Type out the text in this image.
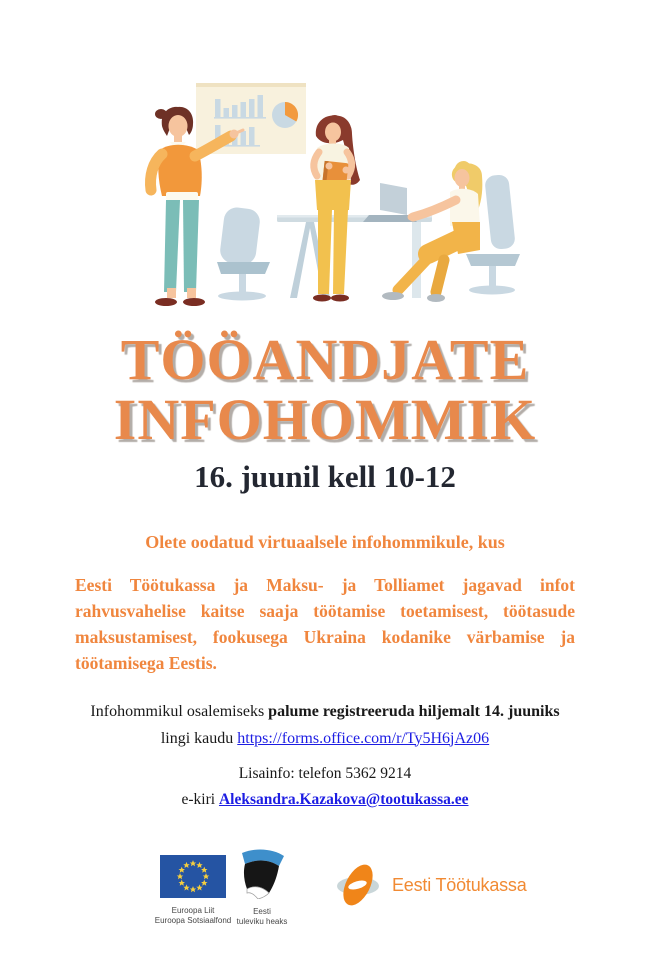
TÖÖANDJATE
INFOHOMMIK
16. juunil kell 10-12
Olete oodatud virtuaalsele infohommikule, kus
Eesti Töötukassa ja Maksu- ja Tolliamet jagavad infot
rahvusvahelise kaitse saaja töötamise toetamisest, töötasude
maksustamisest, fookusega Ukraina kodanike värbamise ja
töötamisega Eestis.
Infohommikul osalemiseks palume registreeruda hiljemalt 14. juuniks
lingi kaudu https://forms.office.com/r/Ty5H6jAz06
Lisainfo: telefon 5362 9214
e-kiri Aleksandra.Kazakova@tootukassa.ee
Euroopa Liit
Euroopa Sotsiaalfond
Eesti
tuleviku heaks
Eesti Töötukassa
